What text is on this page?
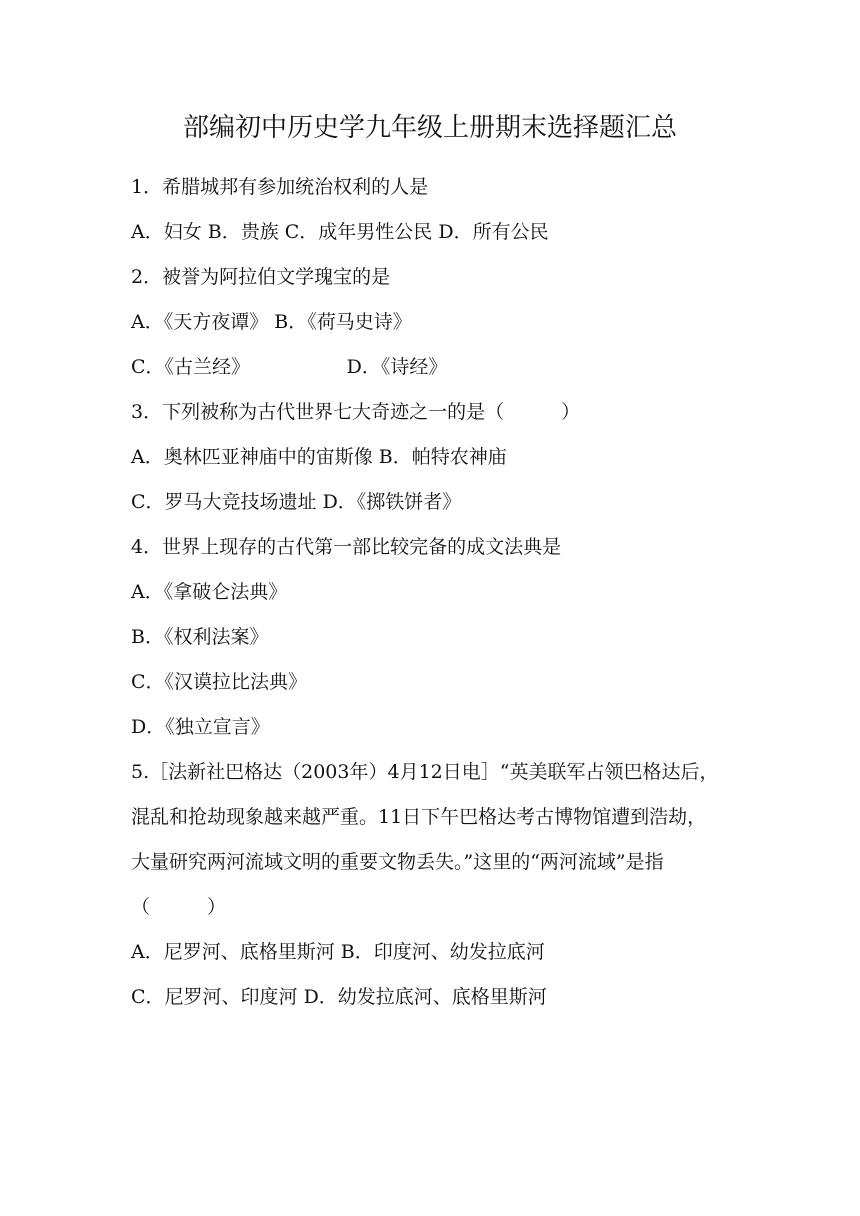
部编初中历史学九年级上册期末选择题汇总
1．希腊城邦有参加统治权利的人是
A．妇女 B．贵族 C．成年男性公民 D．所有公民
2．被誉为阿拉伯文学瑰宝的是
A．《天方夜谭》 B．《荷马史诗》
C．《古兰经》                D．《诗经》
3．下列被称为古代世界七大奇迹之一的是（　　　）
A．奥林匹亚神庙中的宙斯像 B．帕特农神庙
C．罗马大竞技场遗址 D．《掷铁饼者》
4．世界上现存的古代第一部比较完备的成文法典是
A．《拿破仑法典》
B．《权利法案》
C．《汉谟拉比法典》
D．《独立宣言》
5.［法新社巴格达（2003年）4月12日电］“英美联军占领巴格达后，
混乱和抢劫现象越来越严重。11日下午巴格达考古博物馆遭到浩劫，
大量研究两河流域文明的重要文物丢失。”这里的“两河流域”是指
（　　　）
A．尼罗河、底格里斯河 B．印度河、幼发拉底河
C．尼罗河、印度河 D．幼发拉底河、底格里斯河
